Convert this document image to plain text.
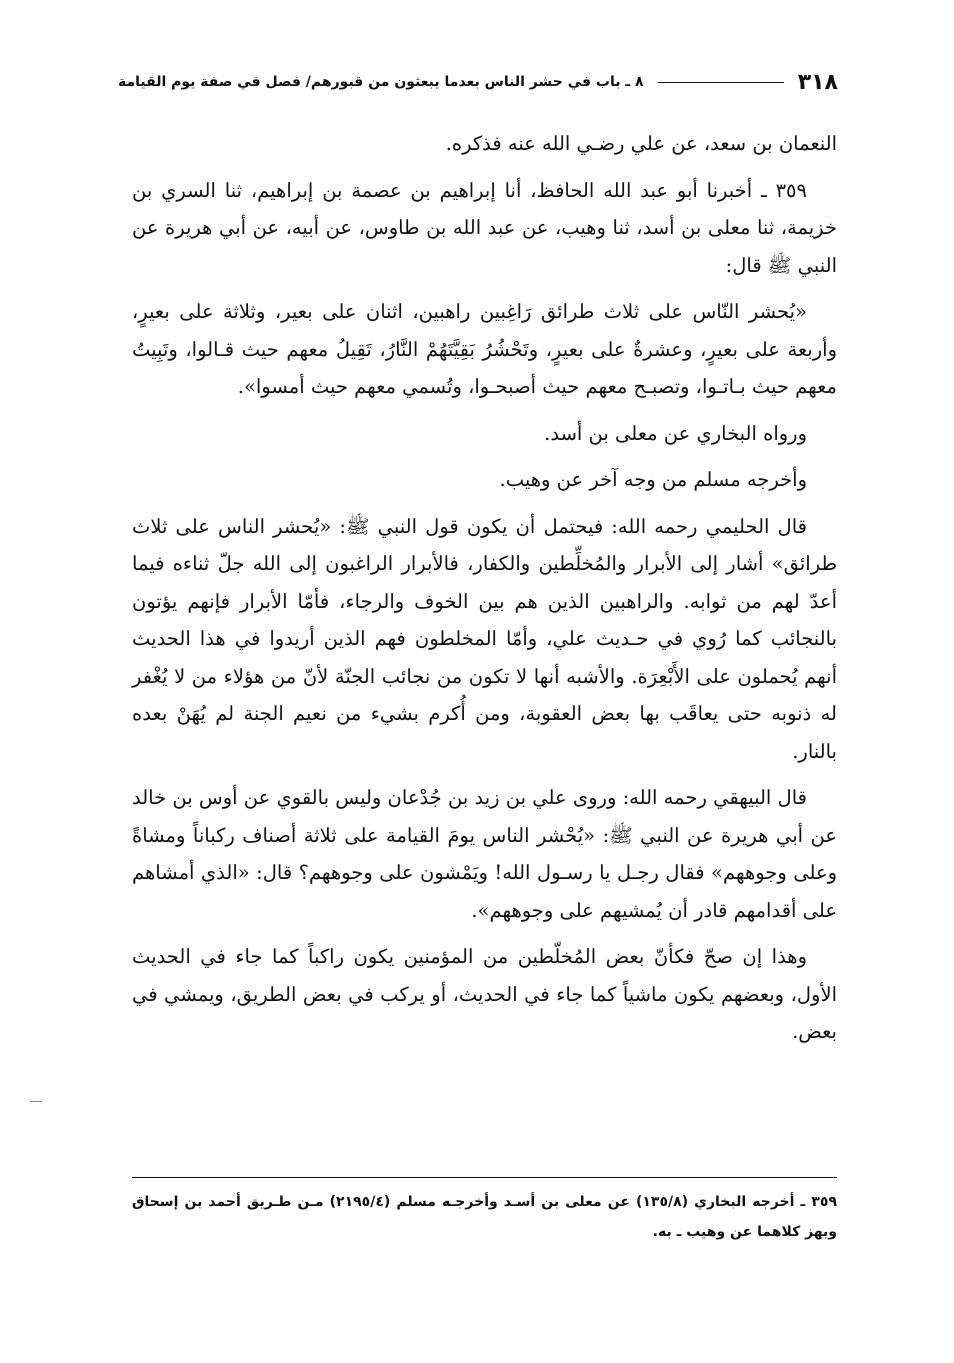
٣١٨
٨ ـ باب في حشر الناس بعدما يبعثون من قبورهم/ فصل في صفة يوم القيامة

النعمان بن سعد، عن علي رضـي الله عنه فذكره.

٣٥٩ ـ أخبرنا أبو عبد الله الحافظ، أنا إبراهيم بن عصمة بن إبراهيم، ثنا السري بن خزيمة، ثنا معلى بن أسد، ثنا وهيب، عن عبد الله بن طاوس، عن أبيه، عن أبي هريرة عن النبي ﷺ قال:

«يُحشر النّاس على ثلاث طرائق رَاغِبين راهبين، اثنان على بعير، وثلاثة على بعيرٍ، وأربعة على بعيرٍ، وعشرةٌ على بعيرٍ، وتَحْشُرُ بَقِيَّتَهُمْ النَّارُ، تَقِيلُ معهم حيث قـالوا، وتَبِيتُ معهم حيث بـاتـوا، وتصبـح معهم حيث أصبحـوا، وتُسمي معهم حيث أمسوا».

ورواه البخاري عن معلى بن أسد.

وأخرجه مسلم من وجه آخر عن وهيب.

قال الحليمي رحمه الله: فيحتمل أن يكون قول النبي ﷺ: «يُحشر الناس على ثلاث طرائق» أشار إلى الأبرار والمُخلِّطين والكفار، فالأبرار الراغبون إلى الله جلّ ثناءه فيما أعدّ لهم من ثوابه. والراهبين الذين هم بين الخوف والرجاء، فأمّا الأبرار فإنهم يؤتون بالنجائب كما رُوي في حـديث علي، وأمّا المخلطون فهم الذين أريدوا في هذا الحديث أنهم يُحملون على الأَبْعِرَة. والأشبه أنها لا تكون من نجائب الجنّة لأنّ من هؤلاء من لا يُغْفر له ذنوبه حتى يعاقَب بها بعض العقوبة، ومن أُكرم بشيء من نعيم الجنة لم يُهَنْ بعده بالنار.

قال البيهقي رحمه الله: وروى علي بن زيد بن جُدْعان وليس بالقوي عن أوس بن خالد عن أبي هريرة عن النبي ﷺ: «يُحْشر الناس يومَ القيامة على ثلاثة أصناف ركباناً ومشاةً وعلى وجوههم» فقال رجـل يا رسـول الله! ويَمْشون على وجوههم؟ قال: «الذي أمشاهم على أقدامهم قادر أن يُمشيهم على وجوههم».

وهذا إن صحّ فكأنّ بعض المُخلّطين من المؤمنين يكون راكباً كما جاء في الحديث الأول، وبعضهم يكون ماشياً كما جاء في الحديث، أو يركب في بعض الطريق، ويمشي في بعض.

٣٥٩ ـ أخرجه البخاري (١٣٥/٨) عن معلى بن أسـد وأخرجـه مسلم (٢١٩٥/٤) مـن طـريق أحمد بن إسحاق وبهز كلاهما عن وهيب ـ به.
